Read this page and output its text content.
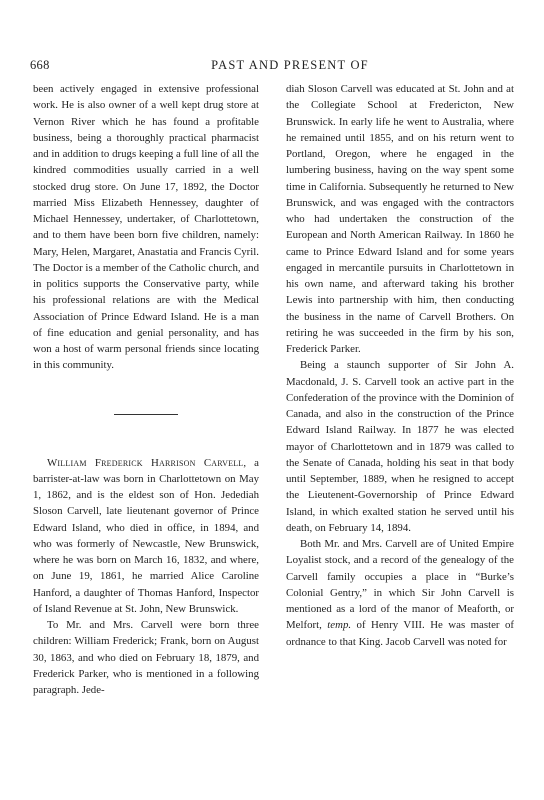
668	PAST AND PRESENT OF

been actively engaged in extensive professional work. He is also owner of a well kept drug store at Vernon River which he has found a profitable business, being a thoroughly practical pharmacist and in addition to drugs keeping a full line of all the kindred commodities usually carried in a well stocked drug store. On June 17, 1892, the Doctor married Miss Elizabeth Hennessey, daughter of Michael Hennessey, undertaker, of Charlottetown, and to them have been born five children, namely: Mary, Helen, Margaret, Anastatia and Francis Cyril. The Doctor is a member of the Catholic church, and in politics supports the Conservative party, while his professional relations are with the Medical Association of Prince Edward Island. He is a man of fine education and genial personality, and has won a host of warm personal friends since locating in this community.

William Frederick Harrison Carvell, a barrister-at-law was born in Charlottetown on May 1, 1862, and is the eldest son of Hon. Jedediah Sloson Carvell, late lieutenant governor of Prince Edward Island, who died in office, in 1894, and who was formerly of Newcastle, New Brunswick, where he was born on March 16, 1832, and where, on June 19, 1861, he married Alice Caroline Hanford, a daughter of Thomas Hanford, Inspector of Island Revenue at St. John, New Brunswick.

To Mr. and Mrs. Carvell were born three children: William Frederick; Frank, born on August 30, 1863, and who died on February 18, 1879, and Frederick Parker, who is mentioned in a following paragraph. Jede-

diah Sloson Carvell was educated at St. John and at the Collegiate School at Fredericton, New Brunswick. In early life he went to Australia, where he remained until 1855, and on his return went to Portland, Oregon, where he engaged in the lumbering business, having on the way spent some time in California. Subsequently he returned to New Brunswick, and was engaged with the contractors who had undertaken the construction of the European and North American Railway. In 1860 he came to Prince Edward Island and for some years engaged in mercantile pursuits in Charlottetown in his own name, and afterward taking his brother Lewis into partnership with him, then conducting the business in the name of Carvell Brothers. On retiring he was succeeded in the firm by his son, Frederick Parker.

Being a staunch supporter of Sir John A. Macdonald, J. S. Carvell took an active part in the Confederation of the province with the Dominion of Canada, and also in the construction of the Prince Edward Island Railway. In 1877 he was elected mayor of Charlottetown and in 1879 was called to the Senate of Canada, holding his seat in that body until September, 1889, when he resigned to accept the Lieutenent-Governorship of Prince Edward Island, in which exalted station he served until his death, on February 14, 1894.

Both Mr. and Mrs. Carvell are of United Empire Loyalist stock, and a record of the genealogy of the Carvell family occupies a place in “Burke’s Colonial Gentry,” in which Sir John Carvell is mentioned as a lord of the manor of Meaforth, or Melfort, temp. of Henry VIII. He was master of ordnance to that King. Jacob Carvell was noted for
